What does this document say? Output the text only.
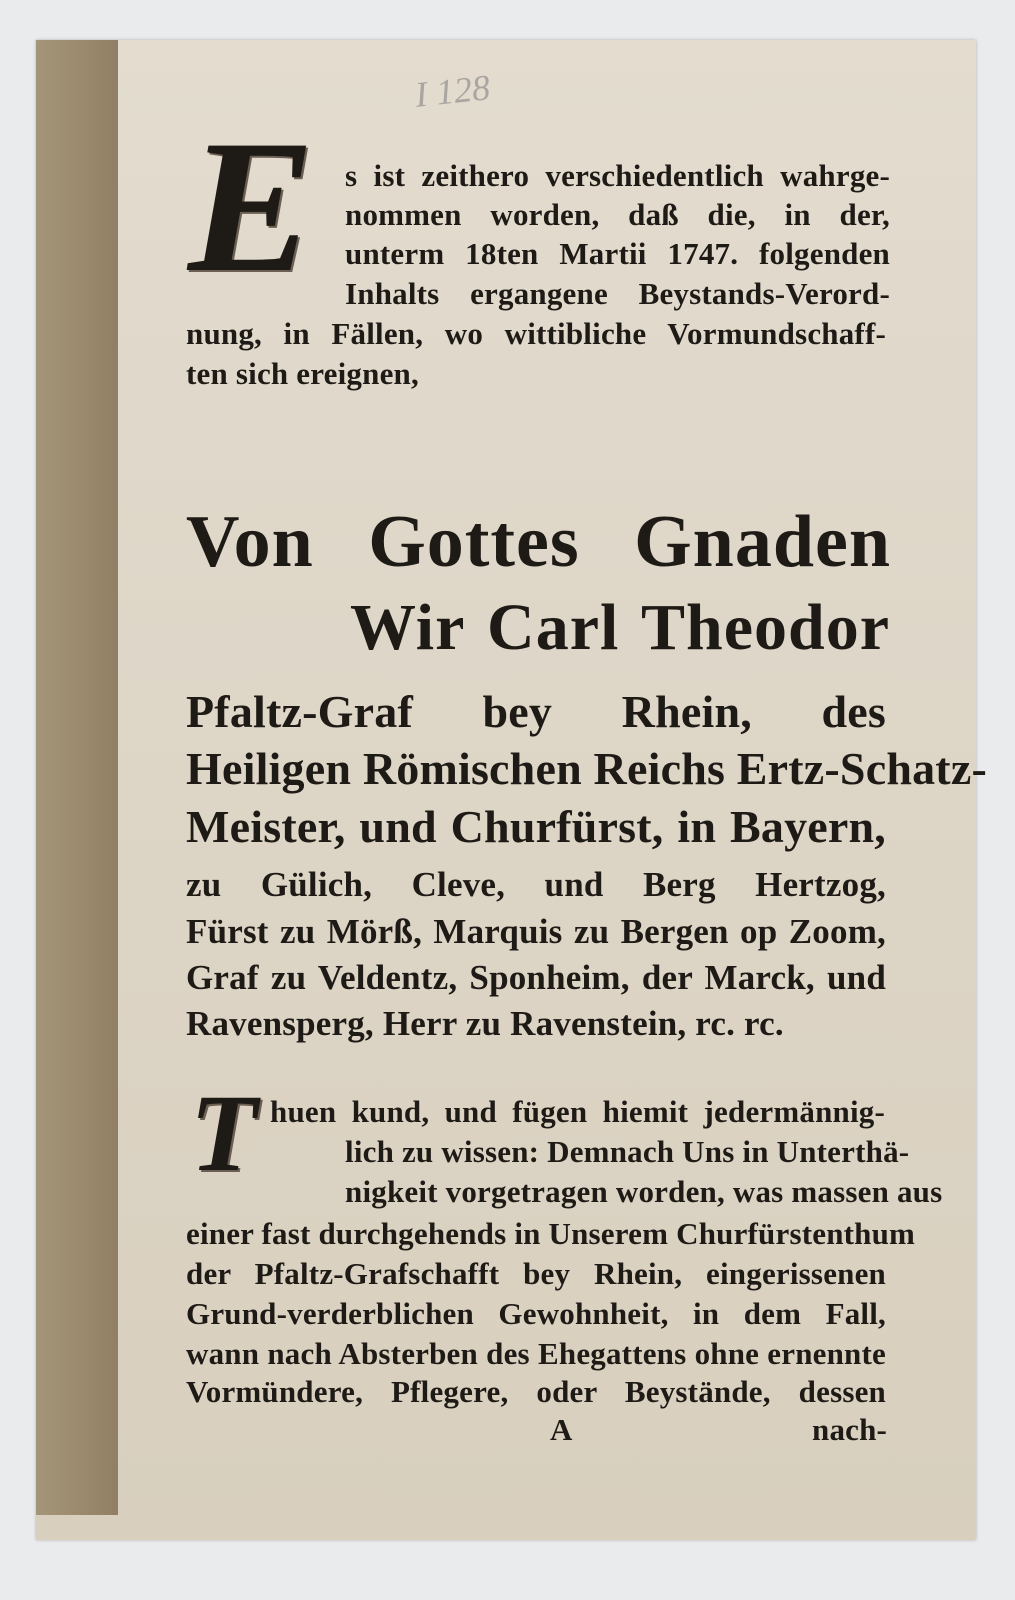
I 128
E s ist zeithero verschiedentlich wahrge-
nommen worden, daß die, in der,
unterm 18ten Martii 1747. folgenden
Inhalts ergangene Beystands-Verord-
nung, in Fällen, wo wittibliche Vormundschaff-
ten sich ereignen,
Von Gottes Gnaden
Wir Carl Theodor
Pfaltz-Graf bey Rhein, des
Heiligen Römischen Reichs Ertz-Schatz-
Meister, und Churfürst, in Bayern,
zu Gülich, Cleve, und Berg Hertzog,
Fürst zu Mörß, Marquis zu Bergen op Zoom,
Graf zu Veldentz, Sponheim, der Marck, und
Ravensperg, Herr zu Ravenstein, rc. rc.
T huen kund, und fügen hiemit jedermännig-
lich zu wissen: Demnach Uns in Unterthä-
nigkeit vorgetragen worden, was massen aus
einer fast durchgehends in Unserem Churfürstenthum
der Pfaltz-Grafschafft bey Rhein, eingerissenen
Grund-verderblichen Gewohnheit, in dem Fall,
wann nach Absterben des Ehegattens ohne ernennte
Vormündere, Pflegere, oder Beystände, dessen
A	nach-
